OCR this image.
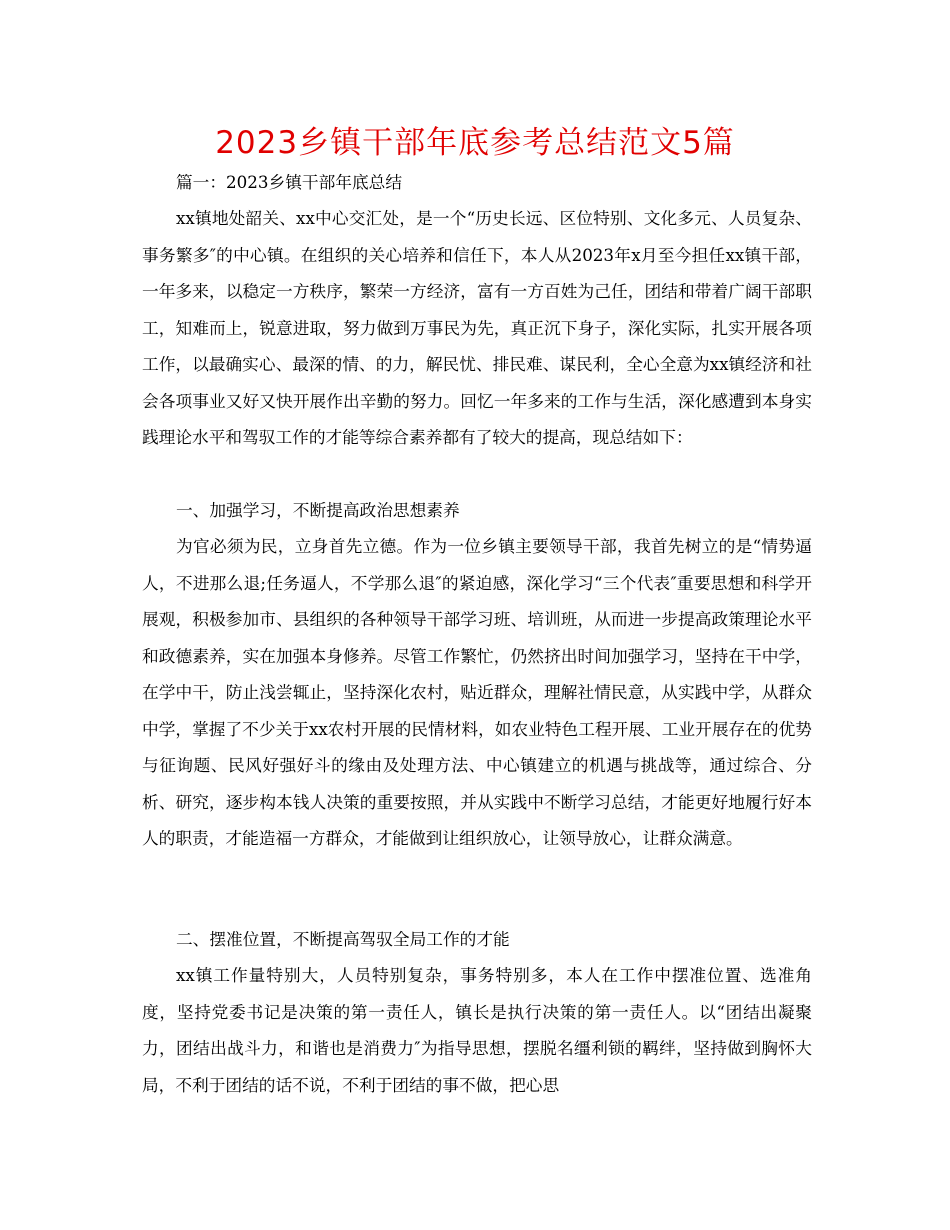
2023乡镇干部年底参考总结范文5篇

篇一：2023乡镇干部年底总结

xx镇地处韶关、xx中心交汇处，是一个“历史长远、区位特别、文化多元、人员复杂、事务繁多″的中心镇。在组织的关心培养和信任下，本人从2023年x月至今担任xx镇干部，一年多来，以稳定一方秩序，繁荣一方经济，富有一方百姓为己任，团结和带着广阔干部职工，知难而上，锐意进取，努力做到万事民为先，真正沉下身子，深化实际，扎实开展各项工作，以最确实心、最深的情、的力，解民忧、排民难、谋民利，全心全意为xx镇经济和社会各项事业又好又快开展作出辛勤的努力。回忆一年多来的工作与生活，深化感遭到本身实践理论水平和驾驭工作的才能等综合素养都有了较大的提高，现总结如下：

一、加强学习，不断提高政治思想素养

为官必须为民，立身首先立德。作为一位乡镇主要领导干部，我首先树立的是“情势逼人，不进那么退;任务逼人，不学那么退″的紧迫感，深化学习“三个代表″重要思想和科学开展观，积极参加市、县组织的各种领导干部学习班、培训班，从而进一步提高政策理论水平和政德素养，实在加强本身修养。尽管工作繁忙，仍然挤出时间加强学习，坚持在干中学，在学中干，防止浅尝辄止，坚持深化农村，贴近群众，理解社情民意，从实践中学，从群众中学，掌握了不少关于xx农村开展的民情材料，如农业特色工程开展、工业开展存在的优势与征询题、民风好强好斗的缘由及处理方法、中心镇建立的机遇与挑战等，通过综合、分析、研究，逐步构本钱人决策的重要按照，并从实践中不断学习总结，才能更好地履行好本人的职责，才能造福一方群众，才能做到让组织放心，让领导放心，让群众满意。

二、摆准位置，不断提高驾驭全局工作的才能

xx镇工作量特别大，人员特别复杂，事务特别多，本人在工作中摆准位置、选准角度，坚持党委书记是决策的第一责任人，镇长是执行决策的第一责任人。以“团结出凝聚力，团结出战斗力，和谐也是消费力″为指导思想，摆脱名缰利锁的羁绊，坚持做到胸怀大局，不利于团结的话不说，不利于团结的事不做，把心思
